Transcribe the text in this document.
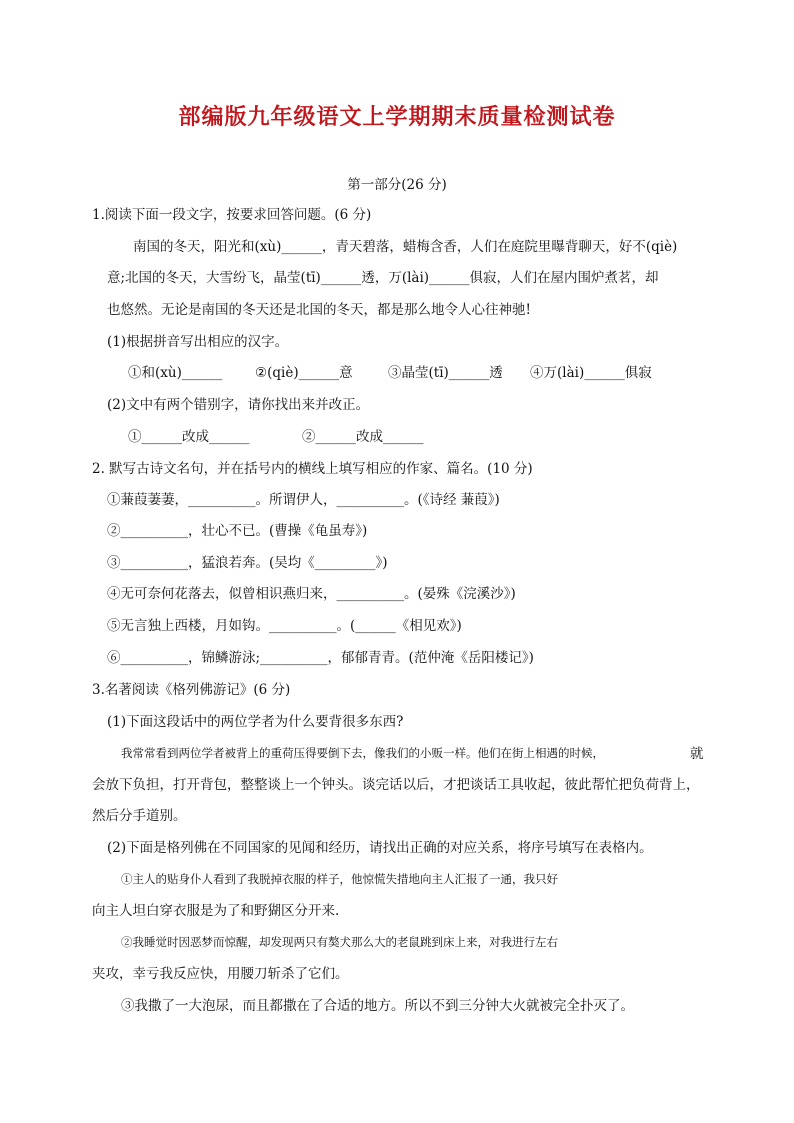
部编版九年级语文上学期期末质量检测试卷
第一部分(26 分)
1.阅读下面一段文字，按要求回答问题。(6 分)
南国的冬天，阳光和(xù)______，青天碧落，蜡梅含香，人们在庭院里曝背聊天，好不(qiè)
意;北国的冬天，大雪纷飞，晶莹(tī)______透，万(lài)______俱寂，人们在屋内围炉煮茗，却
也悠然。无论是南国的冬天还是北国的冬天，都是那么地令人心往神驰!
(1)根据拼音写出相应的汉字。
①和(xù)______ ②(qiè)______意	③晶莹(tī)______透 ④万(lài)______俱寂
(2)文中有两个错别字，请你找出来并改正。
①______改成______	②______改成______
2. 默写古诗文名句，并在括号内的横线上填写相应的作家、篇名。(10 分)
①蒹葭萋萋，__________。所谓伊人，__________。(《诗经 蒹葭》)
②__________，壮心不已。(曹操《龟虽寿》)
③__________，猛浪若奔。(吴均《_________》)
④无可奈何花落去，似曾相识燕归来，__________。(晏殊《浣溪沙》)
⑤无言独上西楼，月如钩。__________。(______《相见欢》)
⑥__________，锦鳞游泳;__________，郁郁青青。(范仲淹《岳阳楼记》)
3.名著阅读《格列佛游记》(6 分)
(1)下面这段话中的两位学者为什么要背很多东西?
我常常看到两位学者被背上的重荷压得要倒下去，像我们的小贩一样。他们在街上相遇的时候，	就
会放下负担，打开背包，整整谈上一个钟头。谈完话以后，才把谈话工具收起，彼此帮忙把负荷背上，
然后分手道别。
(2)下面是格列佛在不同国家的见闻和经历，请找出正确的对应关系，将序号填写在表格内。
①主人的贴身仆人看到了我脱掉衣服的样子，他惊慌失措地向主人汇报了一通，我只好
向主人坦白穿衣服是为了和野猢区分开来.
②我睡觉时因恶梦而惊醒，却发现两只有獒犬那么大的老鼠跳到床上来，对我进行左右
夹攻，幸亏我反应快，用腰刀斩杀了它们。
③我撒了一大泡尿，而且都撒在了合适的地方。所以不到三分钟大火就被完全扑灭了。
